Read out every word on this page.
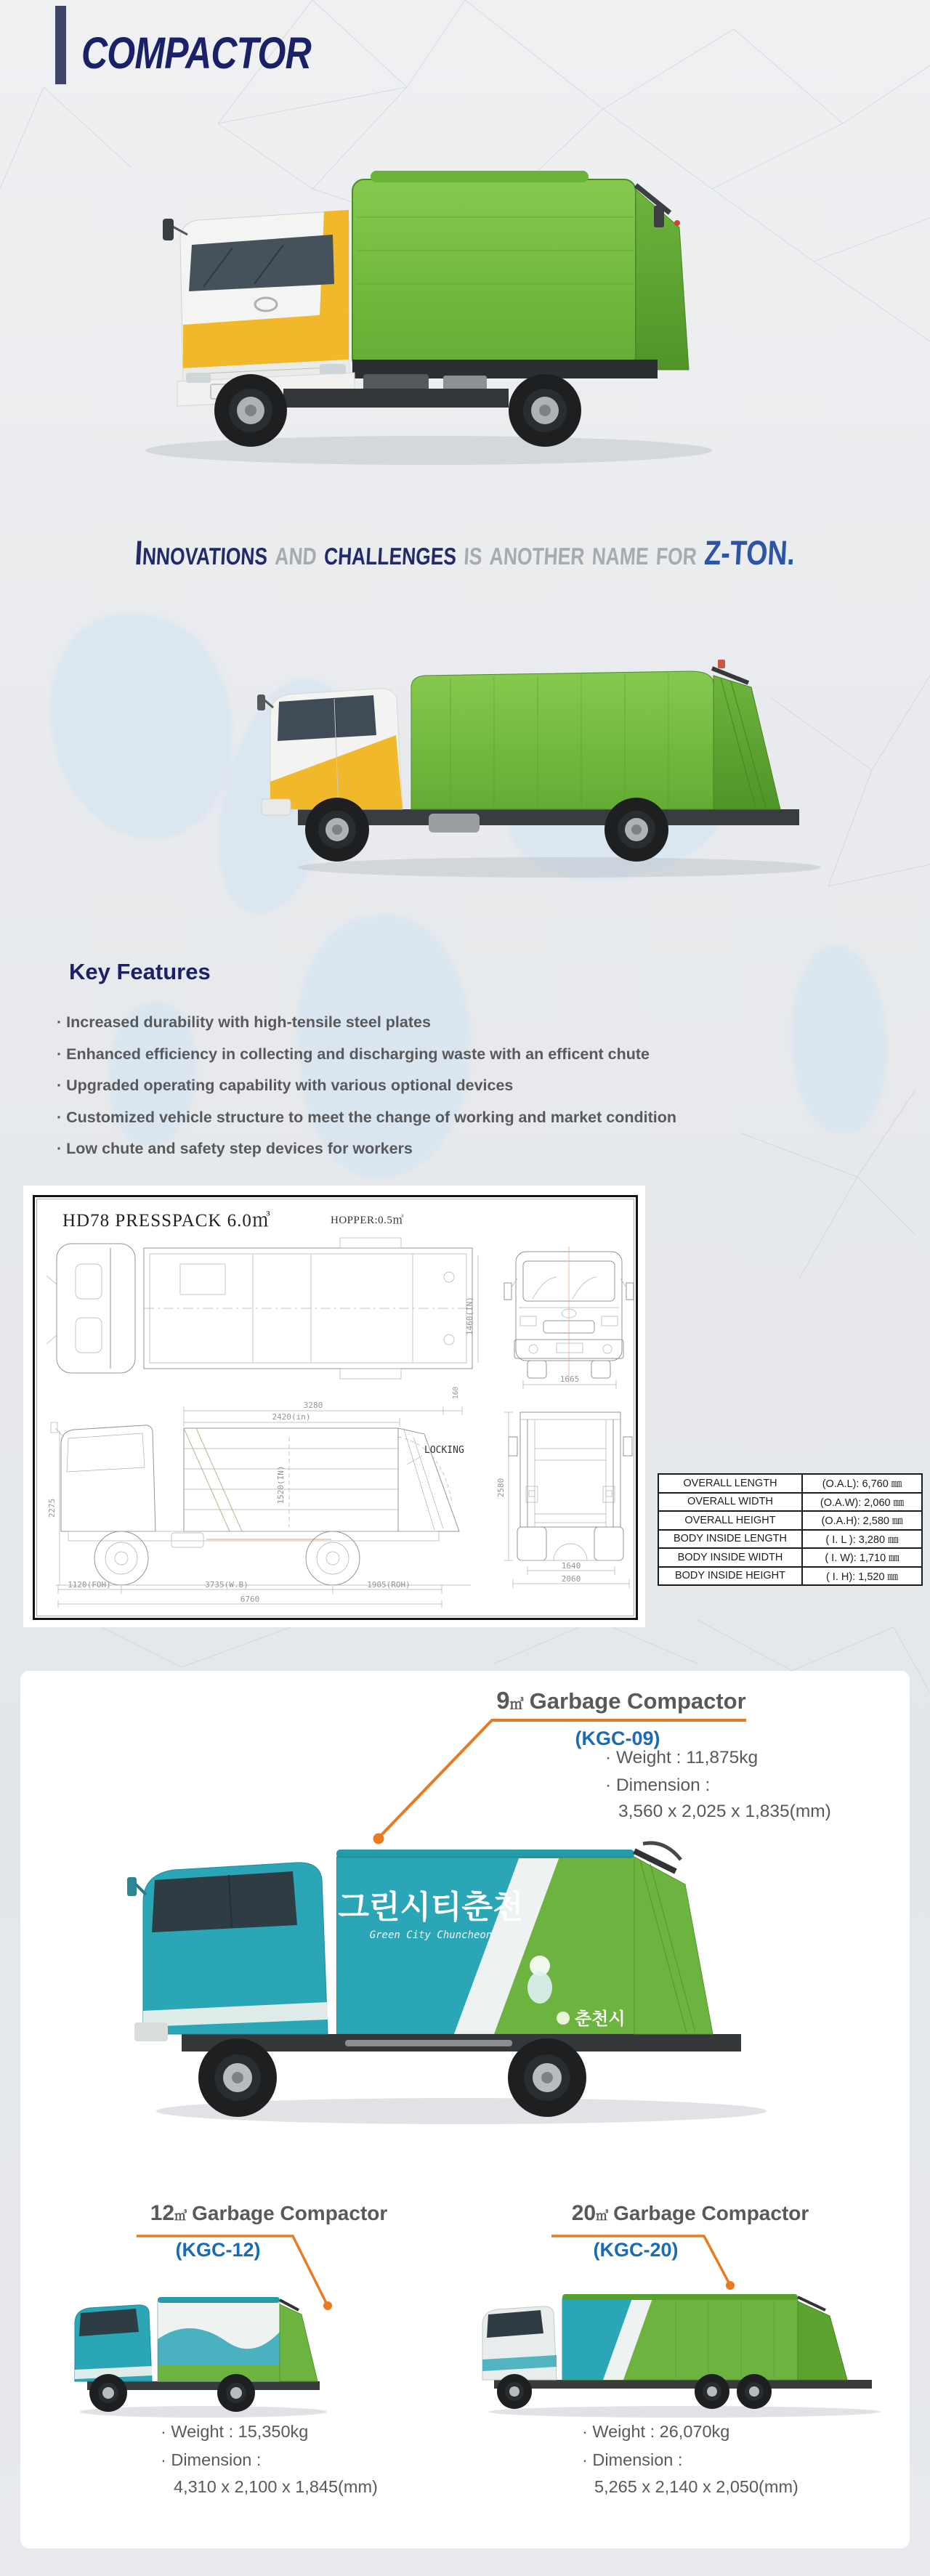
COMPACTOR
Innovations and challenges is another name for Z-TON.
Key Features
· Increased durability with high-tensile steel plates
· Enhanced efficiency in collecting and discharging waste with an efficent chute
· Upgraded operating capability with various optional devices
· Customized vehicle structure to meet the change of working and market condition
· Low chute and safety step devices for workers
1460(IN)
1665
3280
2420(in)
160
2275
1520(IN)
LOCKING
1120(FOH)	3735(W.B)	1905(ROH)
6760
2580
1640
2060
HD78 PRESSPACK 6.0㎥	HOPPER:0.5㎥
OVERALL LENGTH	(O.A.L): 6,760 ㎜
OVERALL WIDTH	(O.A.W): 2,060 ㎜
OVERALL HEIGHT	(O.A.H): 2,580 ㎜
BODY INSIDE LENGTH	( I. L ): 3,280 ㎜
BODY INSIDE WIDTH	( I. W): 1,710 ㎜
BODY INSIDE HEIGHT	( I. H): 1,520 ㎜
9㎥ Garbage Compactor
(KGC-09)
· Weight : 11,875kg
· Dimension :
3,560 x 2,025 x 1,835(mm)
그린시티춘천
Green City Chuncheon
춘천시
12㎥ Garbage Compactor
(KGC-12)
· Weight : 15,350kg
· Dimension :
4,310 x 2,100 x 1,845(mm)
20㎥ Garbage Compactor
(KGC-20)
· Weight : 26,070kg
· Dimension :
5,265 x 2,140 x 2,050(mm)
